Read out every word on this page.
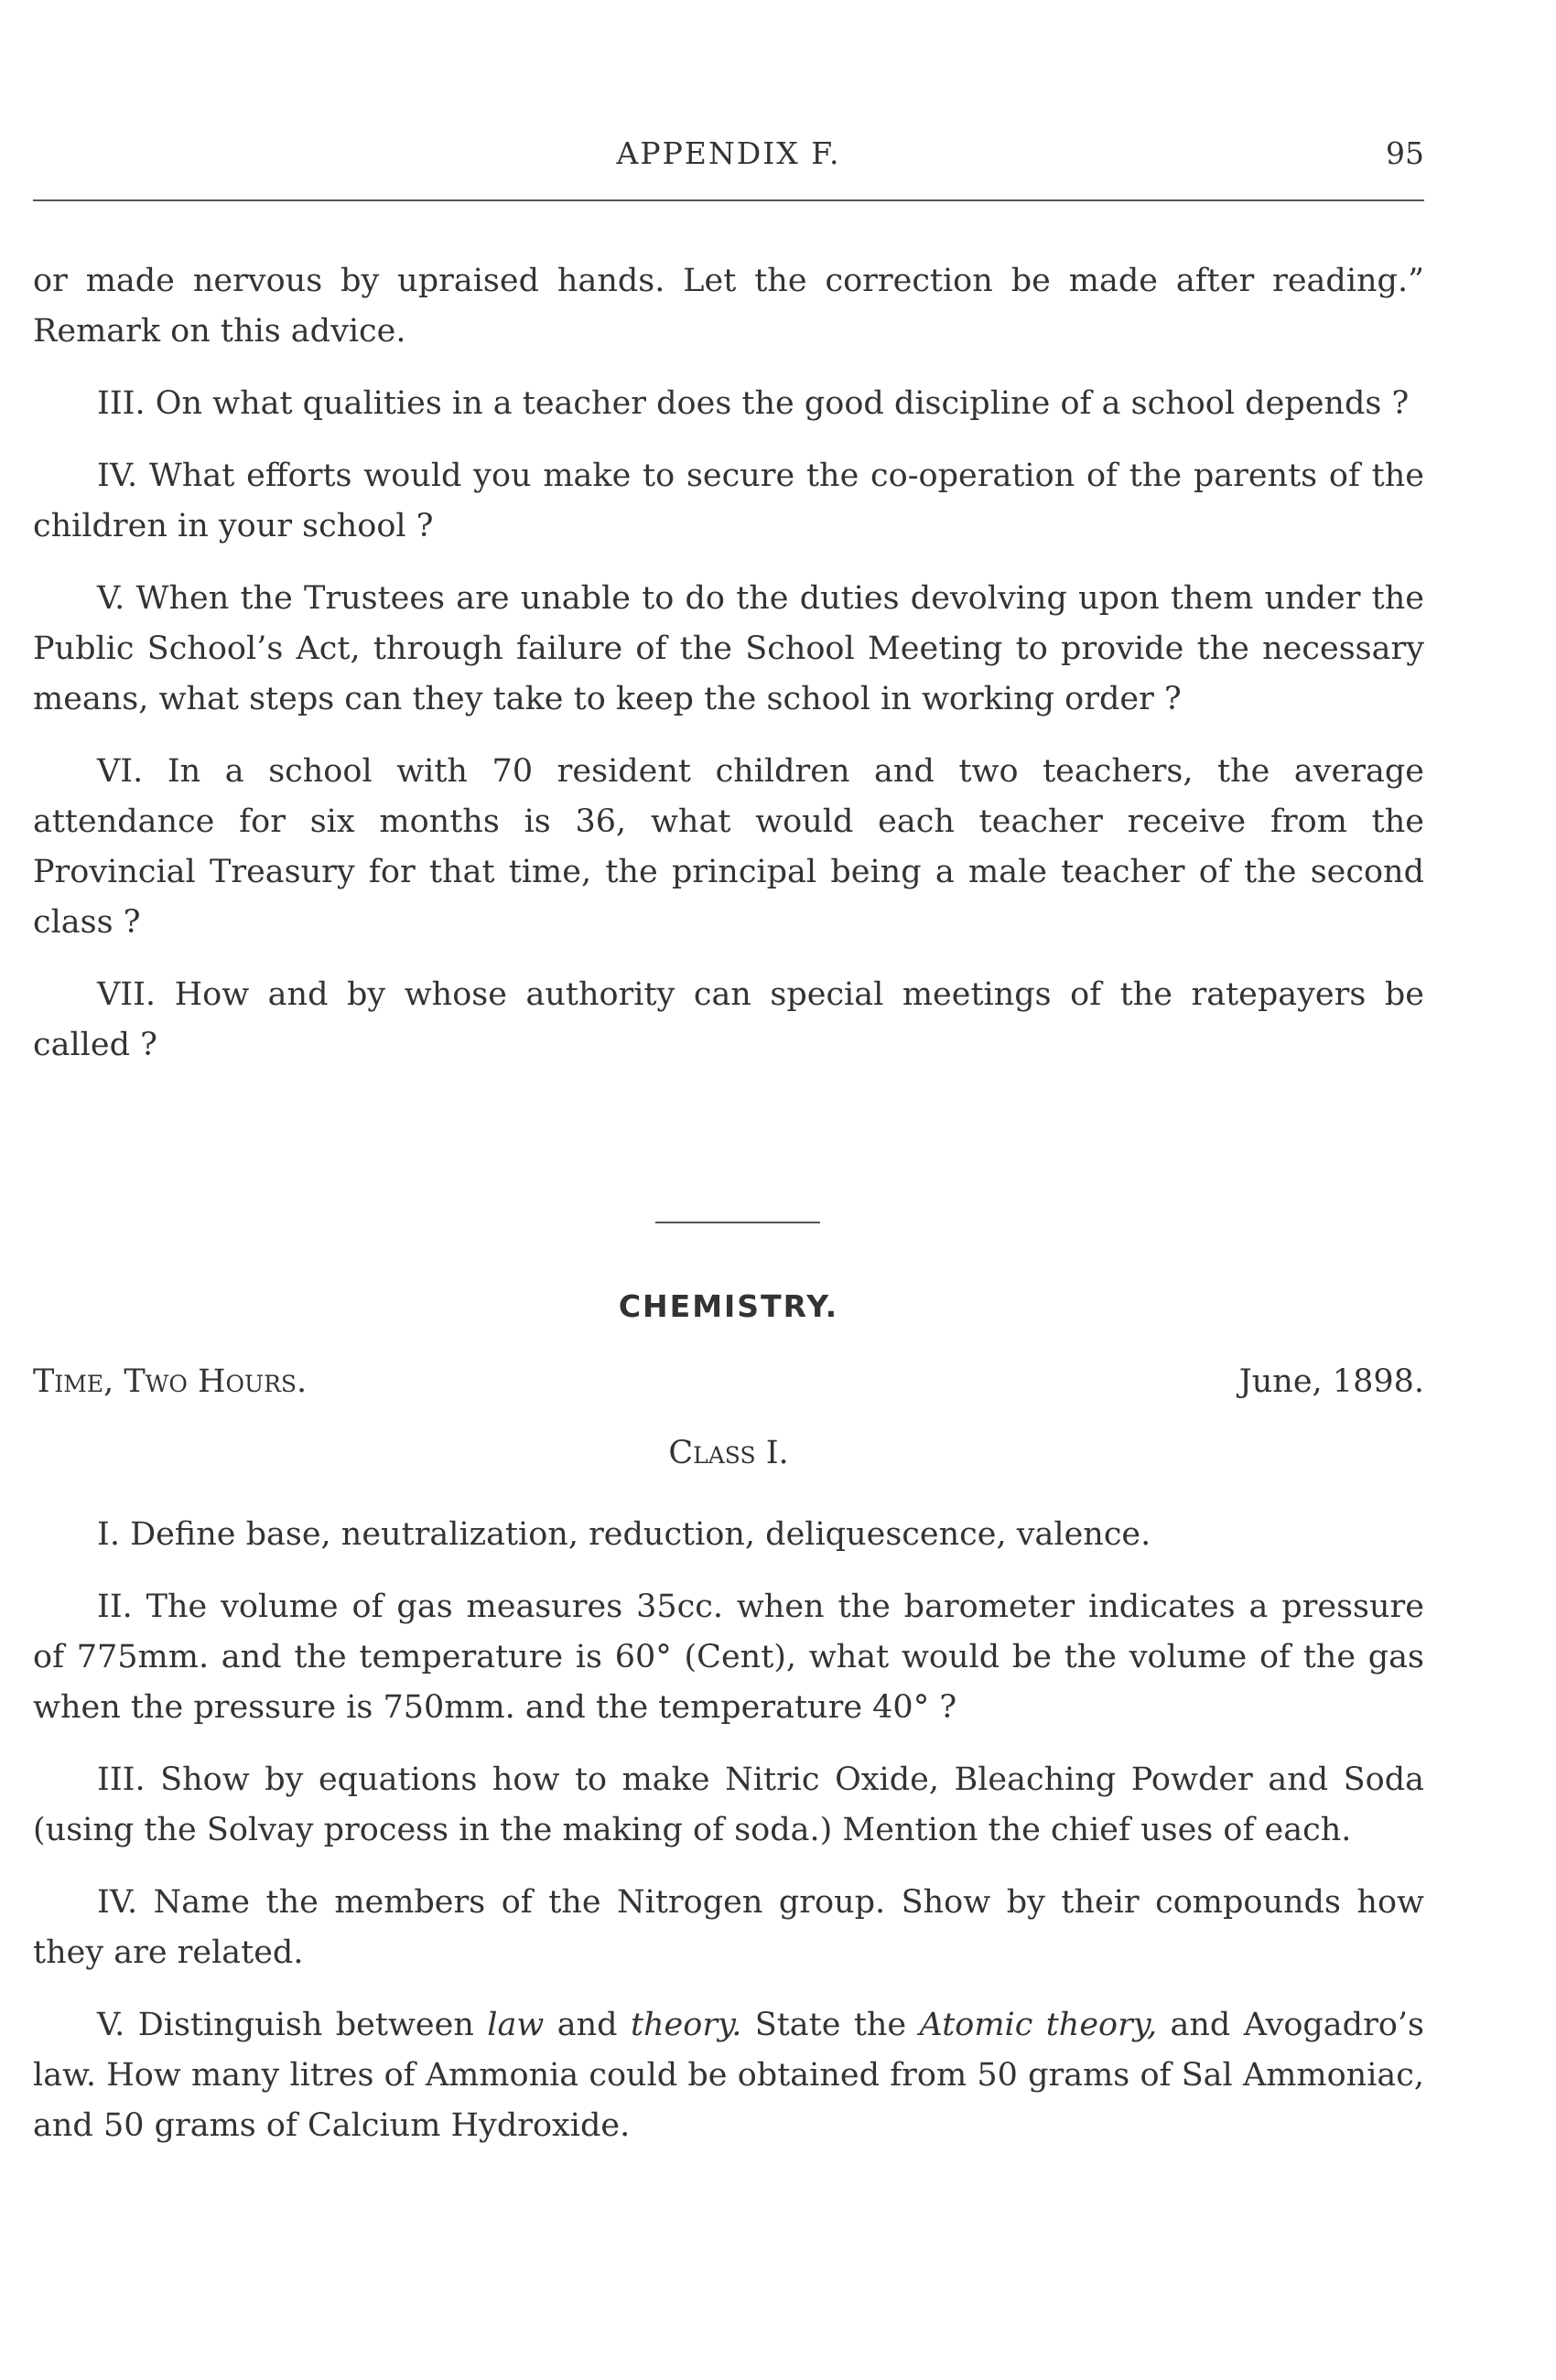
APPENDIX F.	95

or made nervous by upraised hands. Let the correction be made after reading.” Remark on this advice.

III. On what qualities in a teacher does the good discipline of a school depends ?

IV. What efforts would you make to secure the co-operation of the parents of the children in your school ?

V. When the Trustees are unable to do the duties devolving upon them under the Public School’s Act, through failure of the School Meeting to provide the necessary means, what steps can they take to keep the school in working order ?

VI. In a school with 70 resident children and two teachers, the average attendance for six months is 36, what would each teacher receive from the Provincial Treasury for that time, the principal being a male teacher of the second class ?

VII. How and by whose authority can special meetings of the ratepayers be called ?

CHEMISTRY.
Time, Two Hours.	June, 1898.
Class I.

I. Define base, neutralization, reduction, deliquescence, valence.

II. The volume of gas measures 35cc. when the barometer indicates a pressure of 775mm. and the temperature is 60° (Cent), what would be the volume of the gas when the pressure is 750mm. and the temperature 40° ?

III. Show by equations how to make Nitric Oxide, Bleaching Powder and Soda (using the Solvay process in the making of soda.) Mention the chief uses of each.

IV. Name the members of the Nitrogen group. Show by their compounds how they are related.

V. Distinguish between law and theory. State the Atomic theory, and Avogadro’s law. How many litres of Ammonia could be obtained from 50 grams of Sal Ammoniac, and 50 grams of Calcium Hydroxide.
